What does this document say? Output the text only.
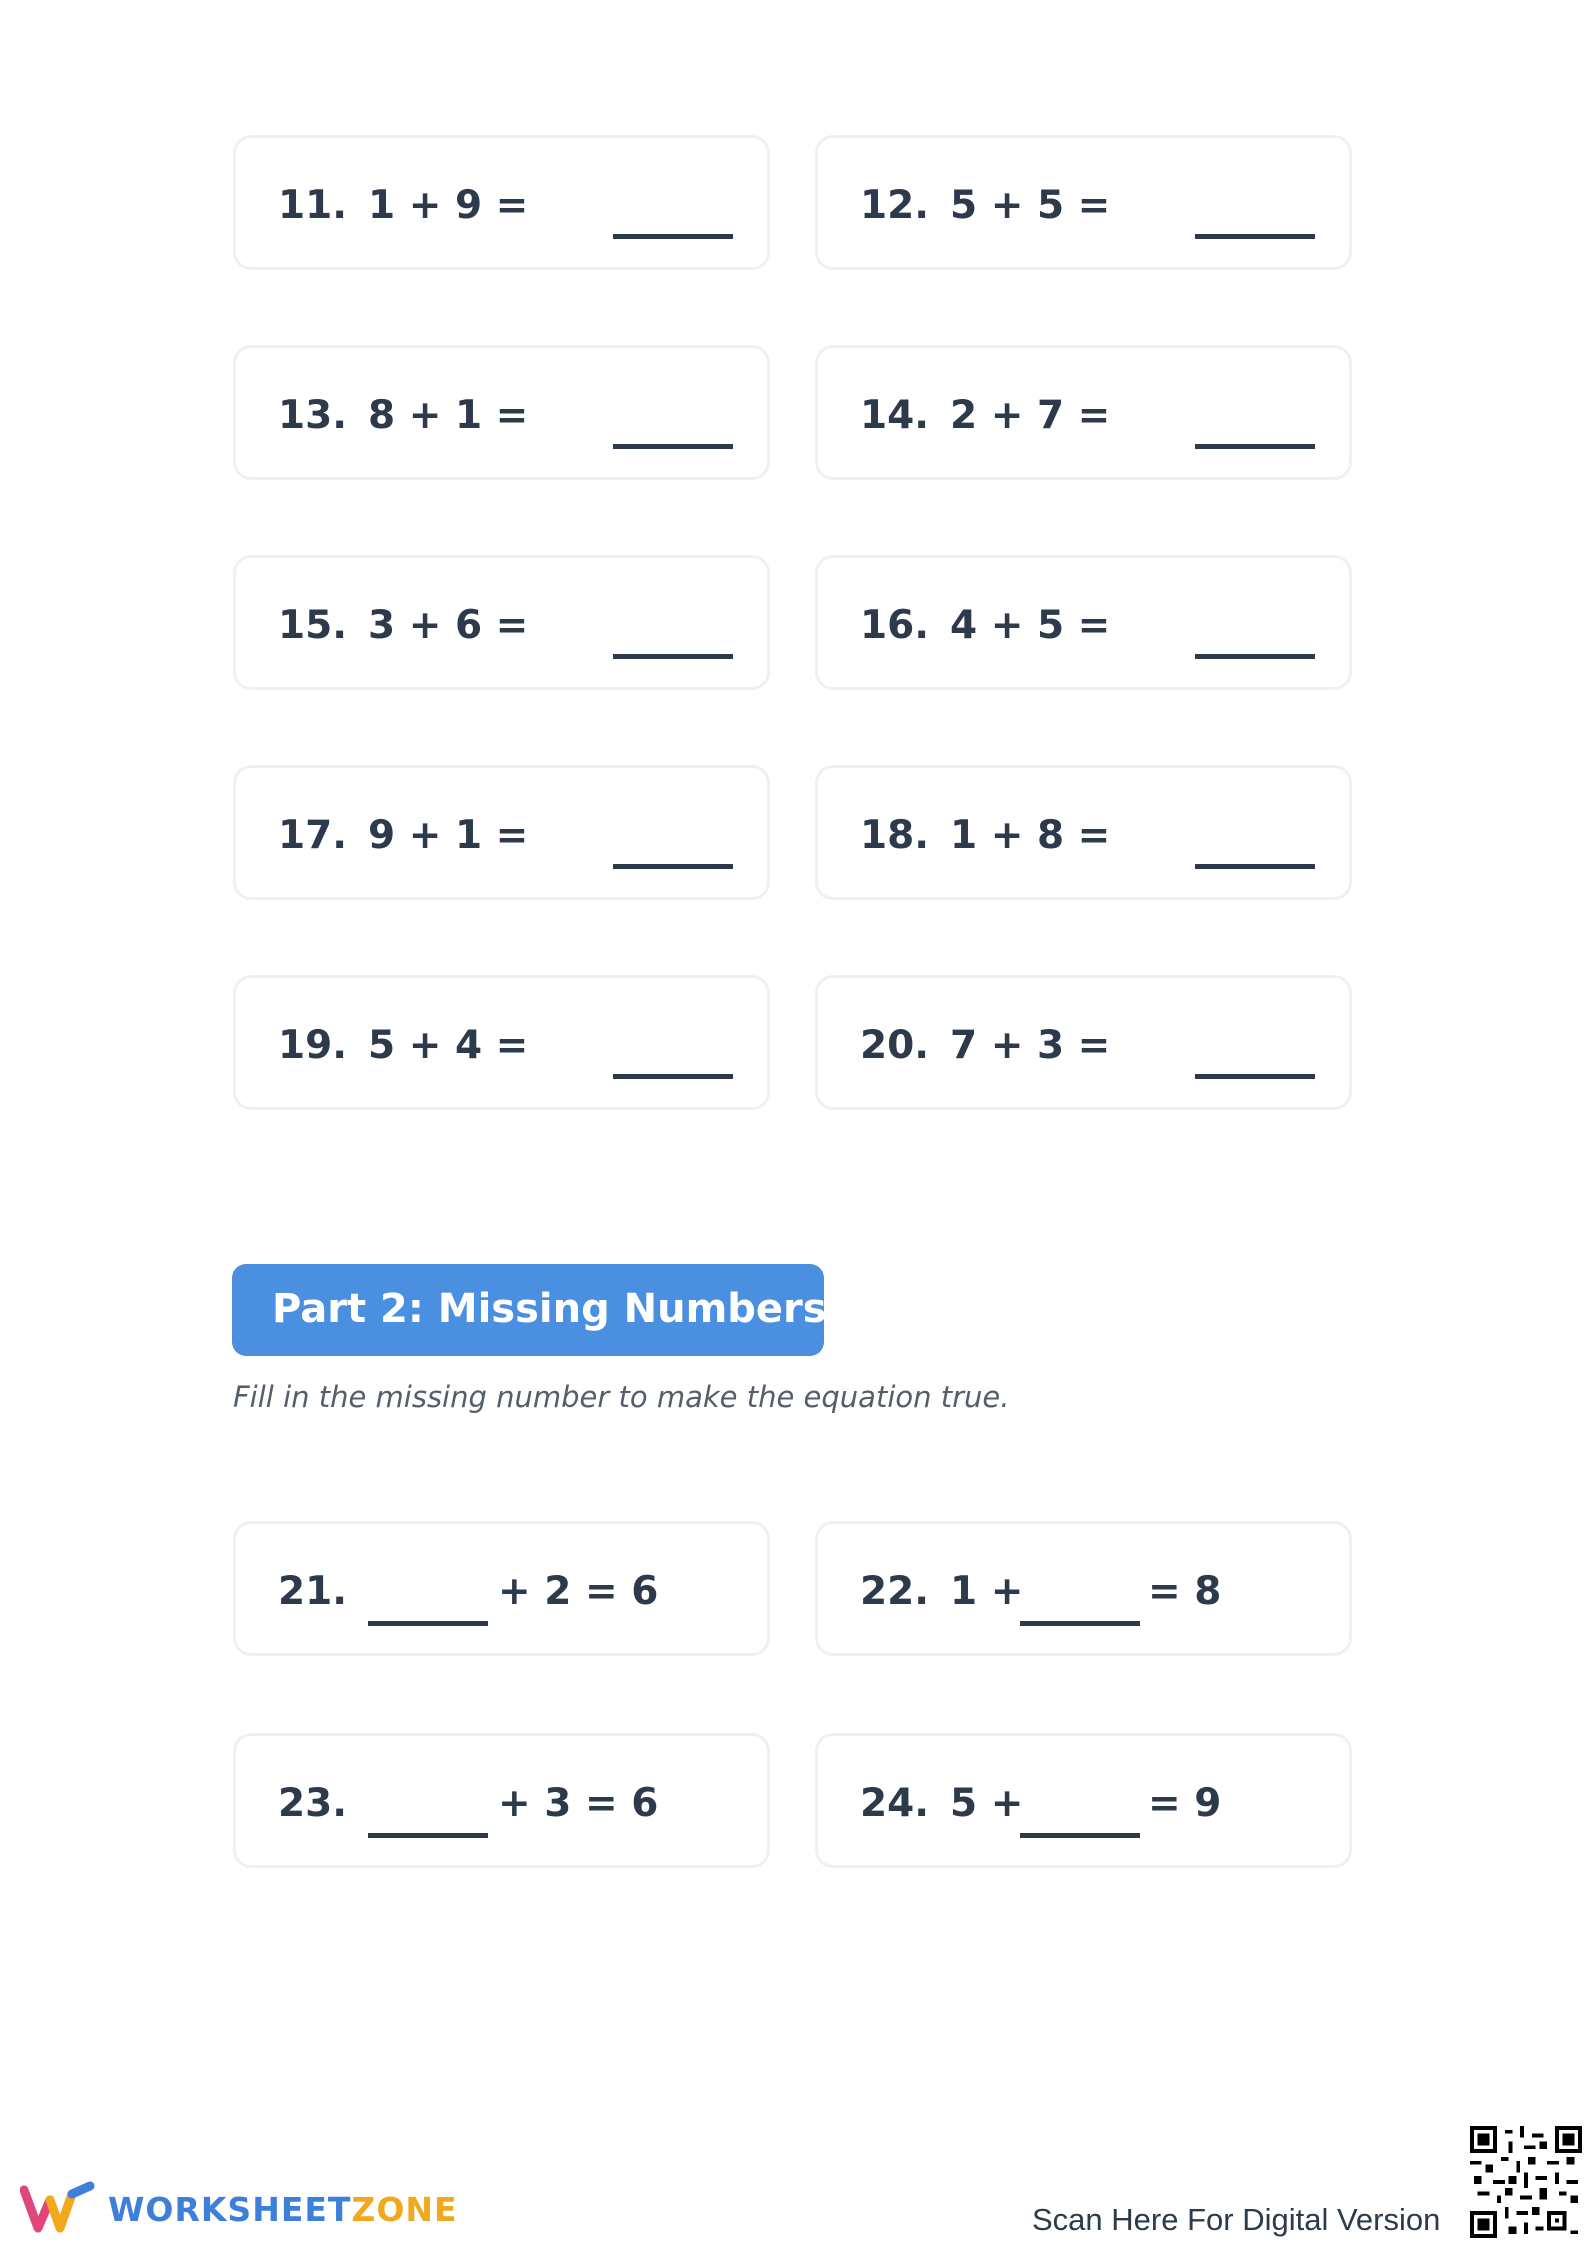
11. 1 + 9 =	12. 5 + 5 =
13. 8 + 1 =	14. 2 + 7 =
15. 3 + 6 =	16. 4 + 5 =
17. 9 + 1 =	18. 1 + 8 =
19. 5 + 4 =	20. 7 + 3 =
Part 2: Missing Numbers
Fill in the missing number to make the equation true.
21.	+ 2 = 6	22. 1 +	= 8
23.	+ 3 = 6	24. 5 +	= 9
WORKSHEETZONE	Scan Here For Digital Version
